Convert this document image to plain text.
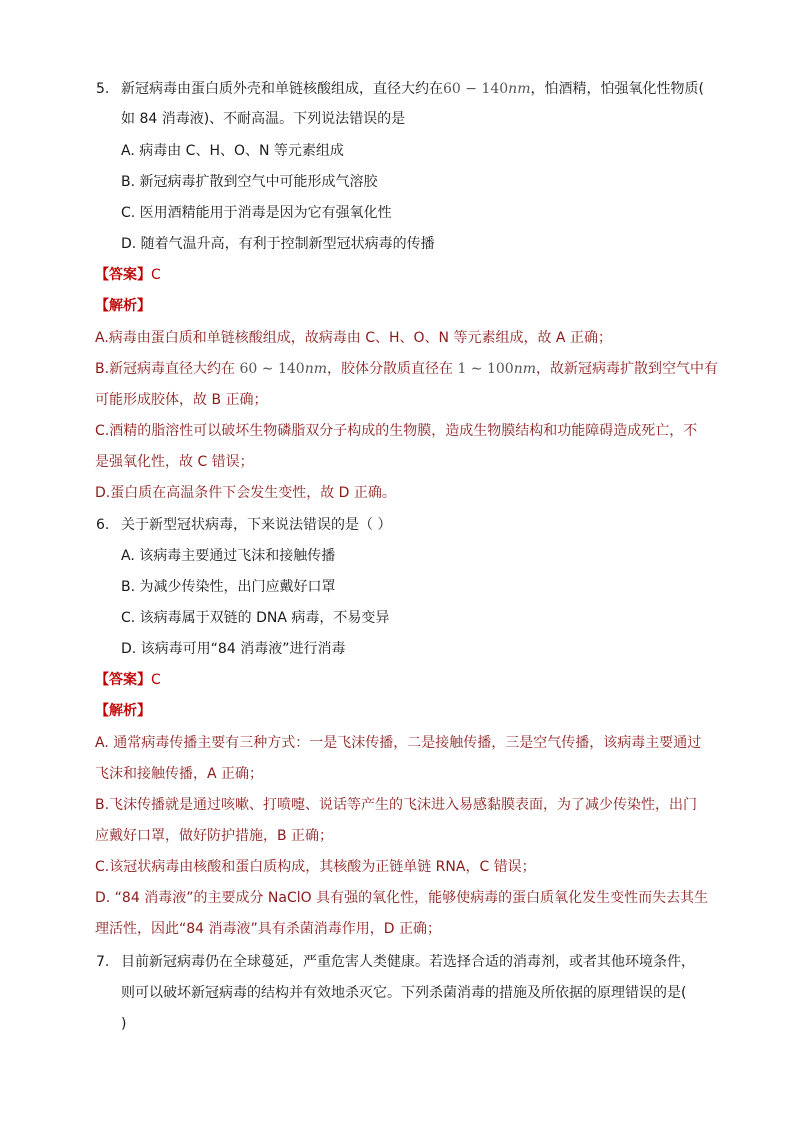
5. 新冠病毒由蛋白质外壳和单链核酸组成，直径大约在60 − 140nm，怕酒精，怕强氧化性物质(
如 84 消毒液)、不耐高温。下列说法错误的是
A. 病毒由 C、H、O、N 等元素组成
B. 新冠病毒扩散到空气中可能形成气溶胶
C. 医用酒精能用于消毒是因为它有强氧化性
D. 随着气温升高，有利于控制新型冠状病毒的传播
【答案】C
【解析】
A.病毒由蛋白质和单链核酸组成，故病毒由 C、H、O、N 等元素组成，故 A 正确；
B.新冠病毒直径大约在 60 ∼ 140nm，胶体分散质直径在 1 ∼ 100nm，故新冠病毒扩散到空气中有
可能形成胶体，故 B 正确；
C.酒精的脂溶性可以破坏生物磷脂双分子构成的生物膜，造成生物膜结构和功能障碍造成死亡，不
是强氧化性，故 C 错误；
D.蛋白质在高温条件下会发生变性，故 D 正确。
6. 关于新型冠状病毒，下来说法错误的是（ ）
A. 该病毒主要通过飞沫和接触传播
B. 为减少传染性，出门应戴好口罩
C. 该病毒属于双链的 DNA 病毒，不易变异
D. 该病毒可用“84 消毒液”进行消毒
【答案】C
【解析】
A. 通常病毒传播主要有三种方式：一是飞沫传播，二是接触传播，三是空气传播，该病毒主要通过
飞沫和接触传播，A 正确；
B.飞沫传播就是通过咳嗽、打喷嚏、说话等产生的飞沫进入易感黏膜表面，为了减少传染性，出门
应戴好口罩，做好防护措施，B 正确；
C.该冠状病毒由核酸和蛋白质构成，其核酸为正链单链 RNA，C 错误；
D. “84 消毒液”的主要成分 NaClO 具有强的氧化性，能够使病毒的蛋白质氧化发生变性而失去其生
理活性，因此“84 消毒液”具有杀菌消毒作用，D 正确；
7. 目前新冠病毒仍在全球蔓延，严重危害人类健康。若选择合适的消毒剂，或者其他环境条件，
则可以破坏新冠病毒的结构并有效地杀灭它。下列杀菌消毒的措施及所依据的原理错误的是(
)
